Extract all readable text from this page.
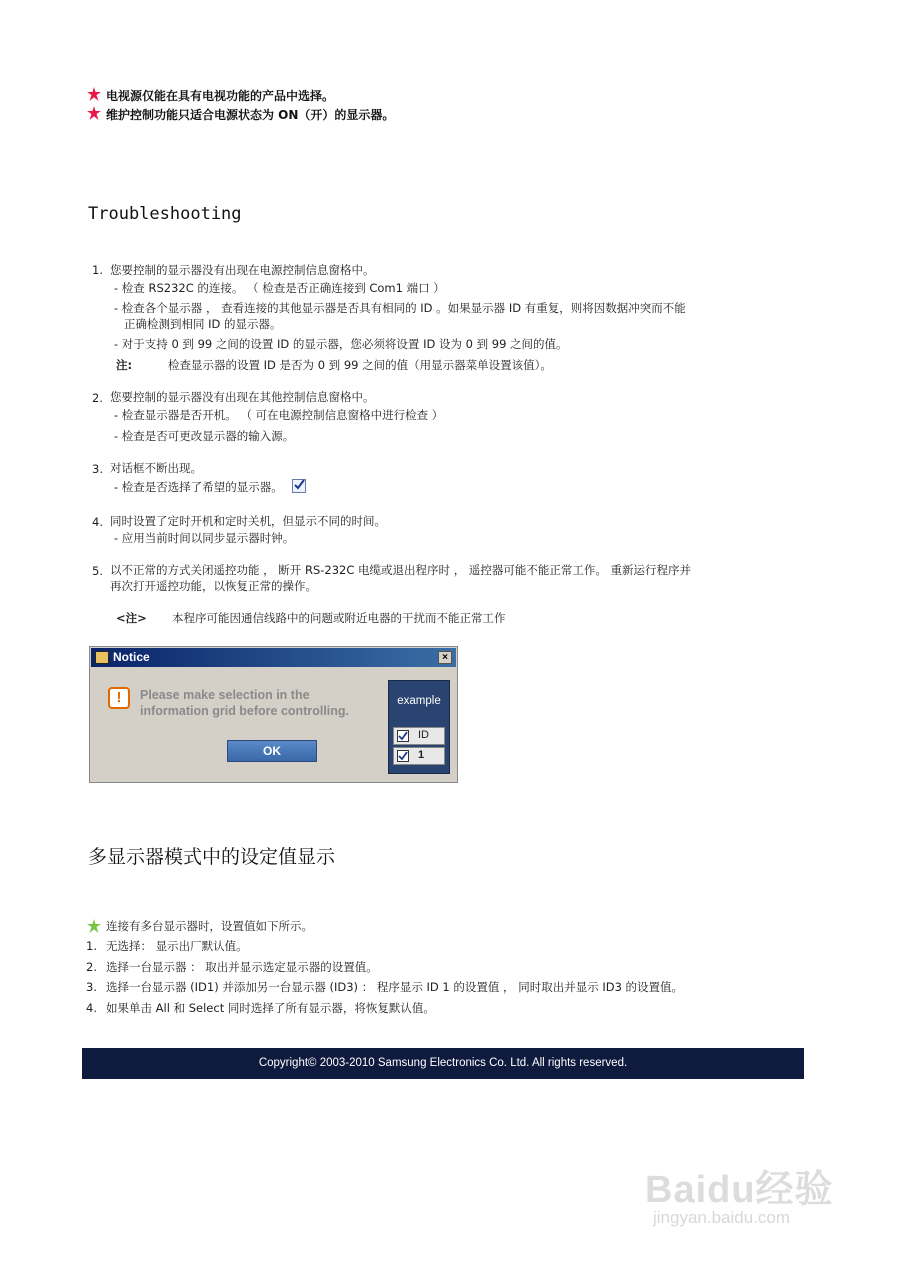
电视源仅能在具有电视功能的产品中选择。
维护控制功能只适合电源状态为 ON（开）的显示器。
Troubleshooting
1. 您要控制的显示器没有出现在电源控制信息窗格中。
- 检查 RS232C 的连接。 （ 检查是否正确连接到 Com1 端口 ）
- 检查各个显示器 ， 查看连接的其他显示器是否具有相同的 ID 。如果显示器 ID 有重复，则将因数据冲突而不能
正确检测到相同 ID 的显示器。
- 对于支持 0 到 99 之间的设置 ID 的显示器，您必须将设置 ID 设为 0 到 99 之间的值。
注:	检查显示器的设置 ID 是否为 0 到 99 之间的值（用显示器菜单设置该值）。
2. 您要控制的显示器没有出现在其他控制信息窗格中。
- 检查显示器是否开机。 （ 可在电源控制信息窗格中进行检查 ）
- 检查是否可更改显示器的输入源。
3. 对话框不断出现。
- 检查是否选择了希望的显示器。
4. 同时设置了定时开机和定时关机，但显示不同的时间。
- 应用当前时间以同步显示器时钟。
5. 以不正常的方式关闭遥控功能 ， 断开 RS-232C 电缆或退出程序时 ， 遥控器可能不能正常工作。 重新运行程序并
再次打开遥控功能，以恢复正常的操作。
<注> 本程序可能因通信线路中的问题或附近电器的干扰而不能正常工作
Notice	×
!	Please make selection in the
information grid before controlling.
OK
example
ID
1
多显示器模式中的设定值显示
连接有多台显示器时，设置值如下所示。
1. 无选择： 显示出厂默认值。
2. 选择一台显示器 ： 取出并显示选定显示器的设置值。
3. 选择一台显示器 (ID1) 并添加另一台显示器 (ID3) ： 程序显示 ID 1 的设置值 ， 同时取出并显示 ID3 的设置值。
4. 如果单击 All 和 Select 同时选择了所有显示器，将恢复默认值。
Copyright© 2003-2010 Samsung Electronics Co. Ltd. All rights reserved.
Baidu经验
jingyan.baidu.com
